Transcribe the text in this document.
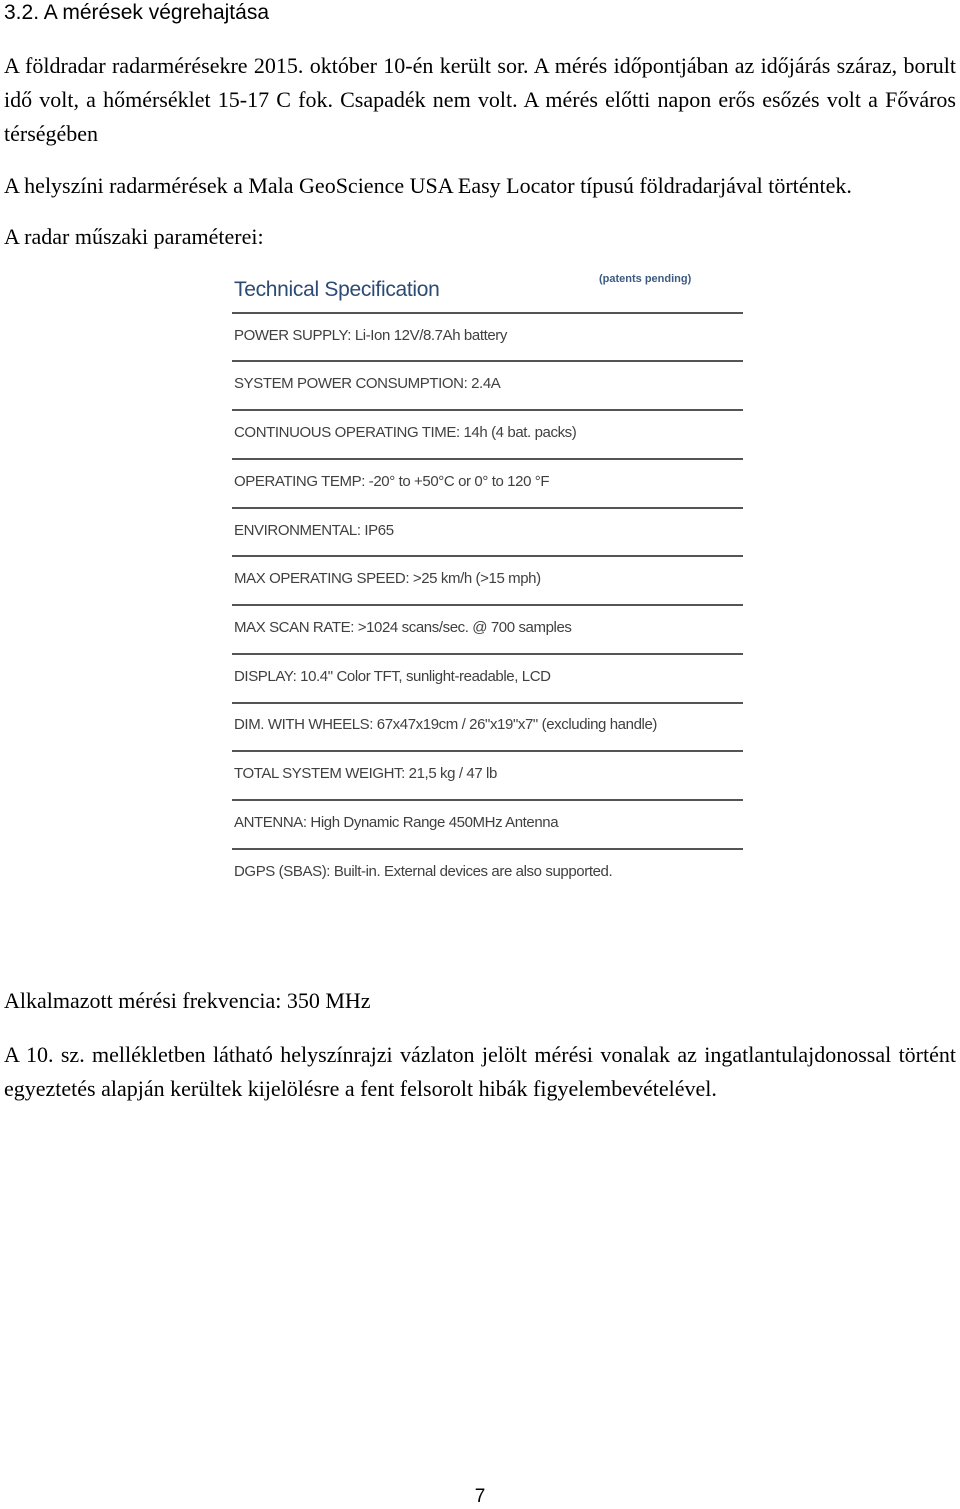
3.2. A mérések végrehajtása
A földradar radarmérésekre 2015. október 10-én került sor. A mérés időpontjában az időjárás száraz, borult idő volt, a hőmérséklet 15-17 C fok. Csapadék nem volt. A mérés előtti napon erős esőzés volt a Főváros térségében
A helyszíni radarmérések a Mala GeoScience USA Easy Locator típusú földradarjával történtek.
A radar műszaki paraméterei:
Technical Specification	(patents pending)
POWER SUPPLY: Li-Ion 12V/8.7Ah battery
SYSTEM POWER CONSUMPTION: 2.4A
CONTINUOUS OPERATING TIME: 14h (4 bat. packs)
OPERATING TEMP: -20° to +50°C or 0° to 120 °F
ENVIRONMENTAL: IP65
MAX OPERATING SPEED: >25 km/h (>15 mph)
MAX SCAN RATE: >1024 scans/sec. @ 700 samples
DISPLAY: 10.4" Color TFT, sunlight-readable, LCD
DIM. WITH WHEELS: 67x47x19cm / 26"x19"x7" (excluding handle)
TOTAL SYSTEM WEIGHT: 21,5 kg / 47 lb
ANTENNA: High Dynamic Range 450MHz Antenna
DGPS (SBAS): Built-in. External devices are also supported.
Alkalmazott mérési frekvencia: 350 MHz
A 10. sz. mellékletben látható helyszínrajzi vázlaton jelölt mérési vonalak az ingatlantulajdonossal történt egyeztetés alapján kerültek kijelölésre a fent felsorolt hibák figyelembevételével.
7
